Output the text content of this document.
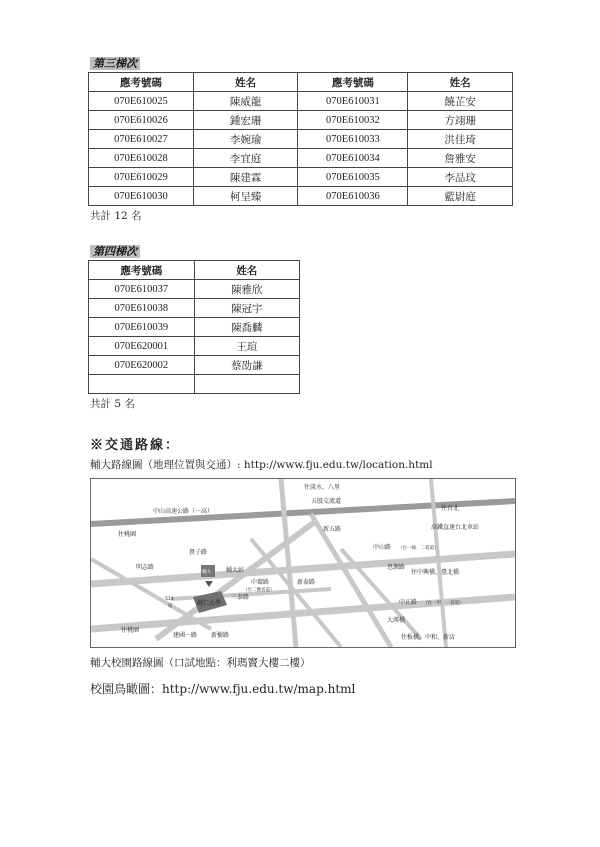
第三梯次
應考號碼	姓名	應考號碼	姓名
070E610025	陳威龍	070E610031	饒芷安
070E610026	鍾宏珊	070E610032	方翊珊
070E610027	李婉瑜	070E610033	洪佳琦
070E610028	李宜庭	070E610034	詹雅安
070E610029	陳建霖	070E610035	李品玟
070E610030	柯呈臻	070E610036	藍尉庭
共計 12 名
第四梯次
應考號碼	姓名
070E610037	陳雅欣
070E610038	陳冠宇
070E610039	陳喬麟
070E620001	王瑄
070E620002	蔡劭謙

共計 5 名
※交通路線：
輔大路線圖（地理位置與交通）: http://www.fju.edu.tw/location.html
輔大
往淡水、八里
五股交流道
往台北
中山高速公路（一高）
新五路	高鐵直達台北車站
往桃園
中山路 （台一線．二省道）
貴子路
明志路	輔大站
中環路
（台二號省道）
新泰路
思源路
往中興橋、臺北橋
輔仁大學
三泰路
514
站
中正路 （台一甲．一省道）
大漢橋
往桃園
建國一路 新樹路	往板橋、中和、新店
輔大校園路線圖（口試地點：利瑪竇大樓二樓）
校園鳥瞰圖：http://www.fju.edu.tw/map.html
